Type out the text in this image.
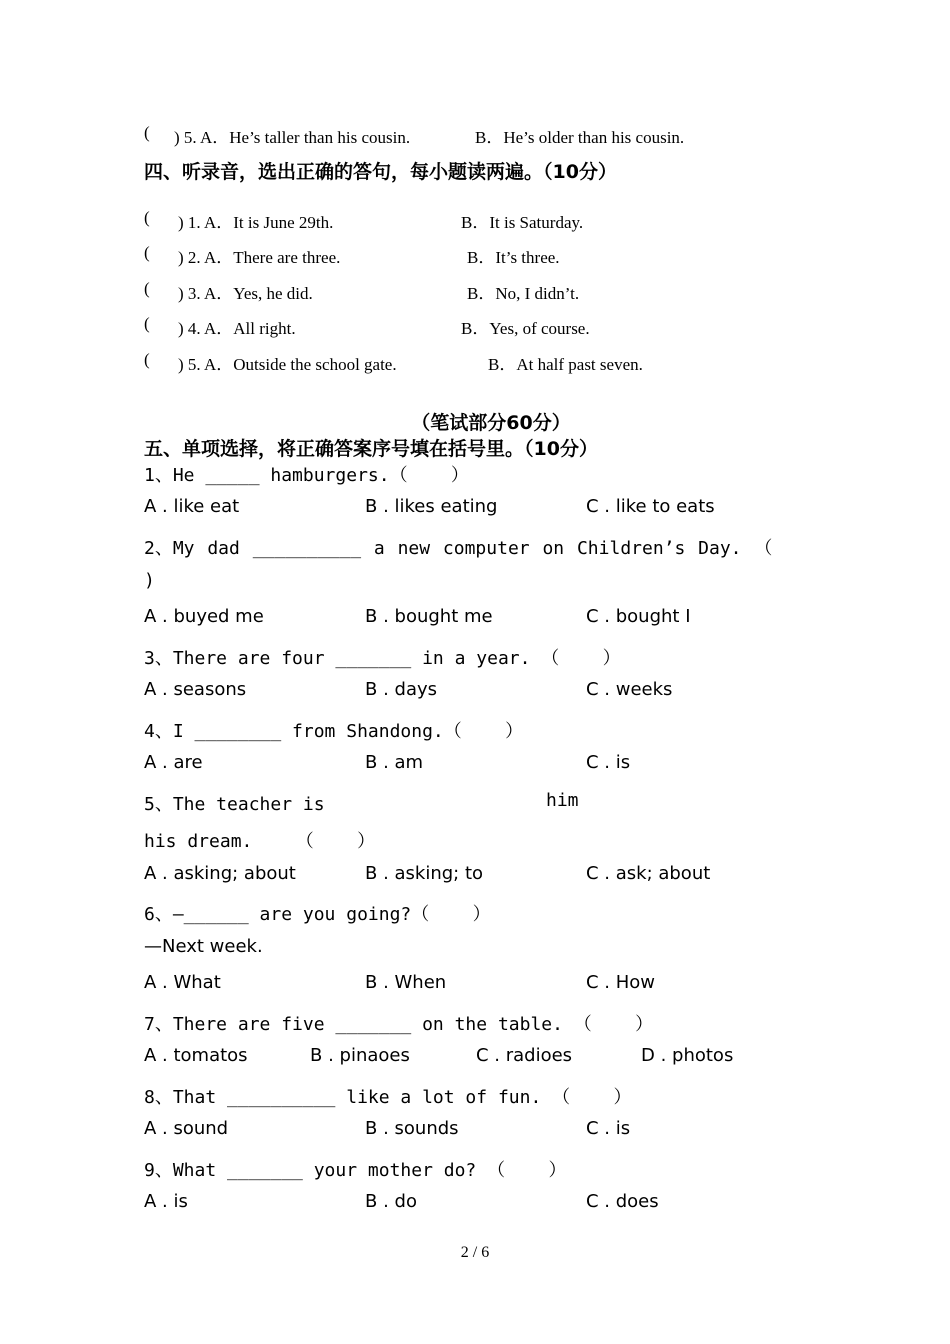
( ) 5. A．He’s taller than his cousin.	B．He’s older than his cousin.
四、听录音，选出正确的答句，每小题读两遍。（10分）
( ) 1. A．It is June 29th.	B．It is Saturday.
( ) 2. A．There are three.	B．It’s three.
( ) 3. A．Yes, he did.	B．No, I didn’t.
( ) 4. A．All right.	B．Yes, of course.
( ) 5. A．Outside the school gate.	B．At half past seven.
（笔试部分60分）
五、单项选择，将正确答案序号填在括号里。（10分）
1、He _____ hamburgers.（    ）
A . like eat	B . likes eating	C . like to eats
2、My dad __________ a new computer on Children’s Day. （
)
A . buyed me	B . bought me	C . bought I
3、There are four _______ in a year. （    ）
A . seasons	B . days	C . weeks
4、I ________ from Shandong.（    ）
A . are	B . am	C . is
5、The teacher is	him
his dream.    （    ）
A . asking; about	B . asking; to	C . ask; about
6、—______ are you going?（    ）
—Next week.
A . What	B . When	C . How
7、There are five _______ on the table. （    ）
A . tomatos	B . pinaoes	C . radioes	D . photos
8、That __________ like a lot of fun. （    ）
A . sound	B . sounds	C . is
9、What _______ your mother do? （    ）
A . is	B . do	C . does
2 / 6
